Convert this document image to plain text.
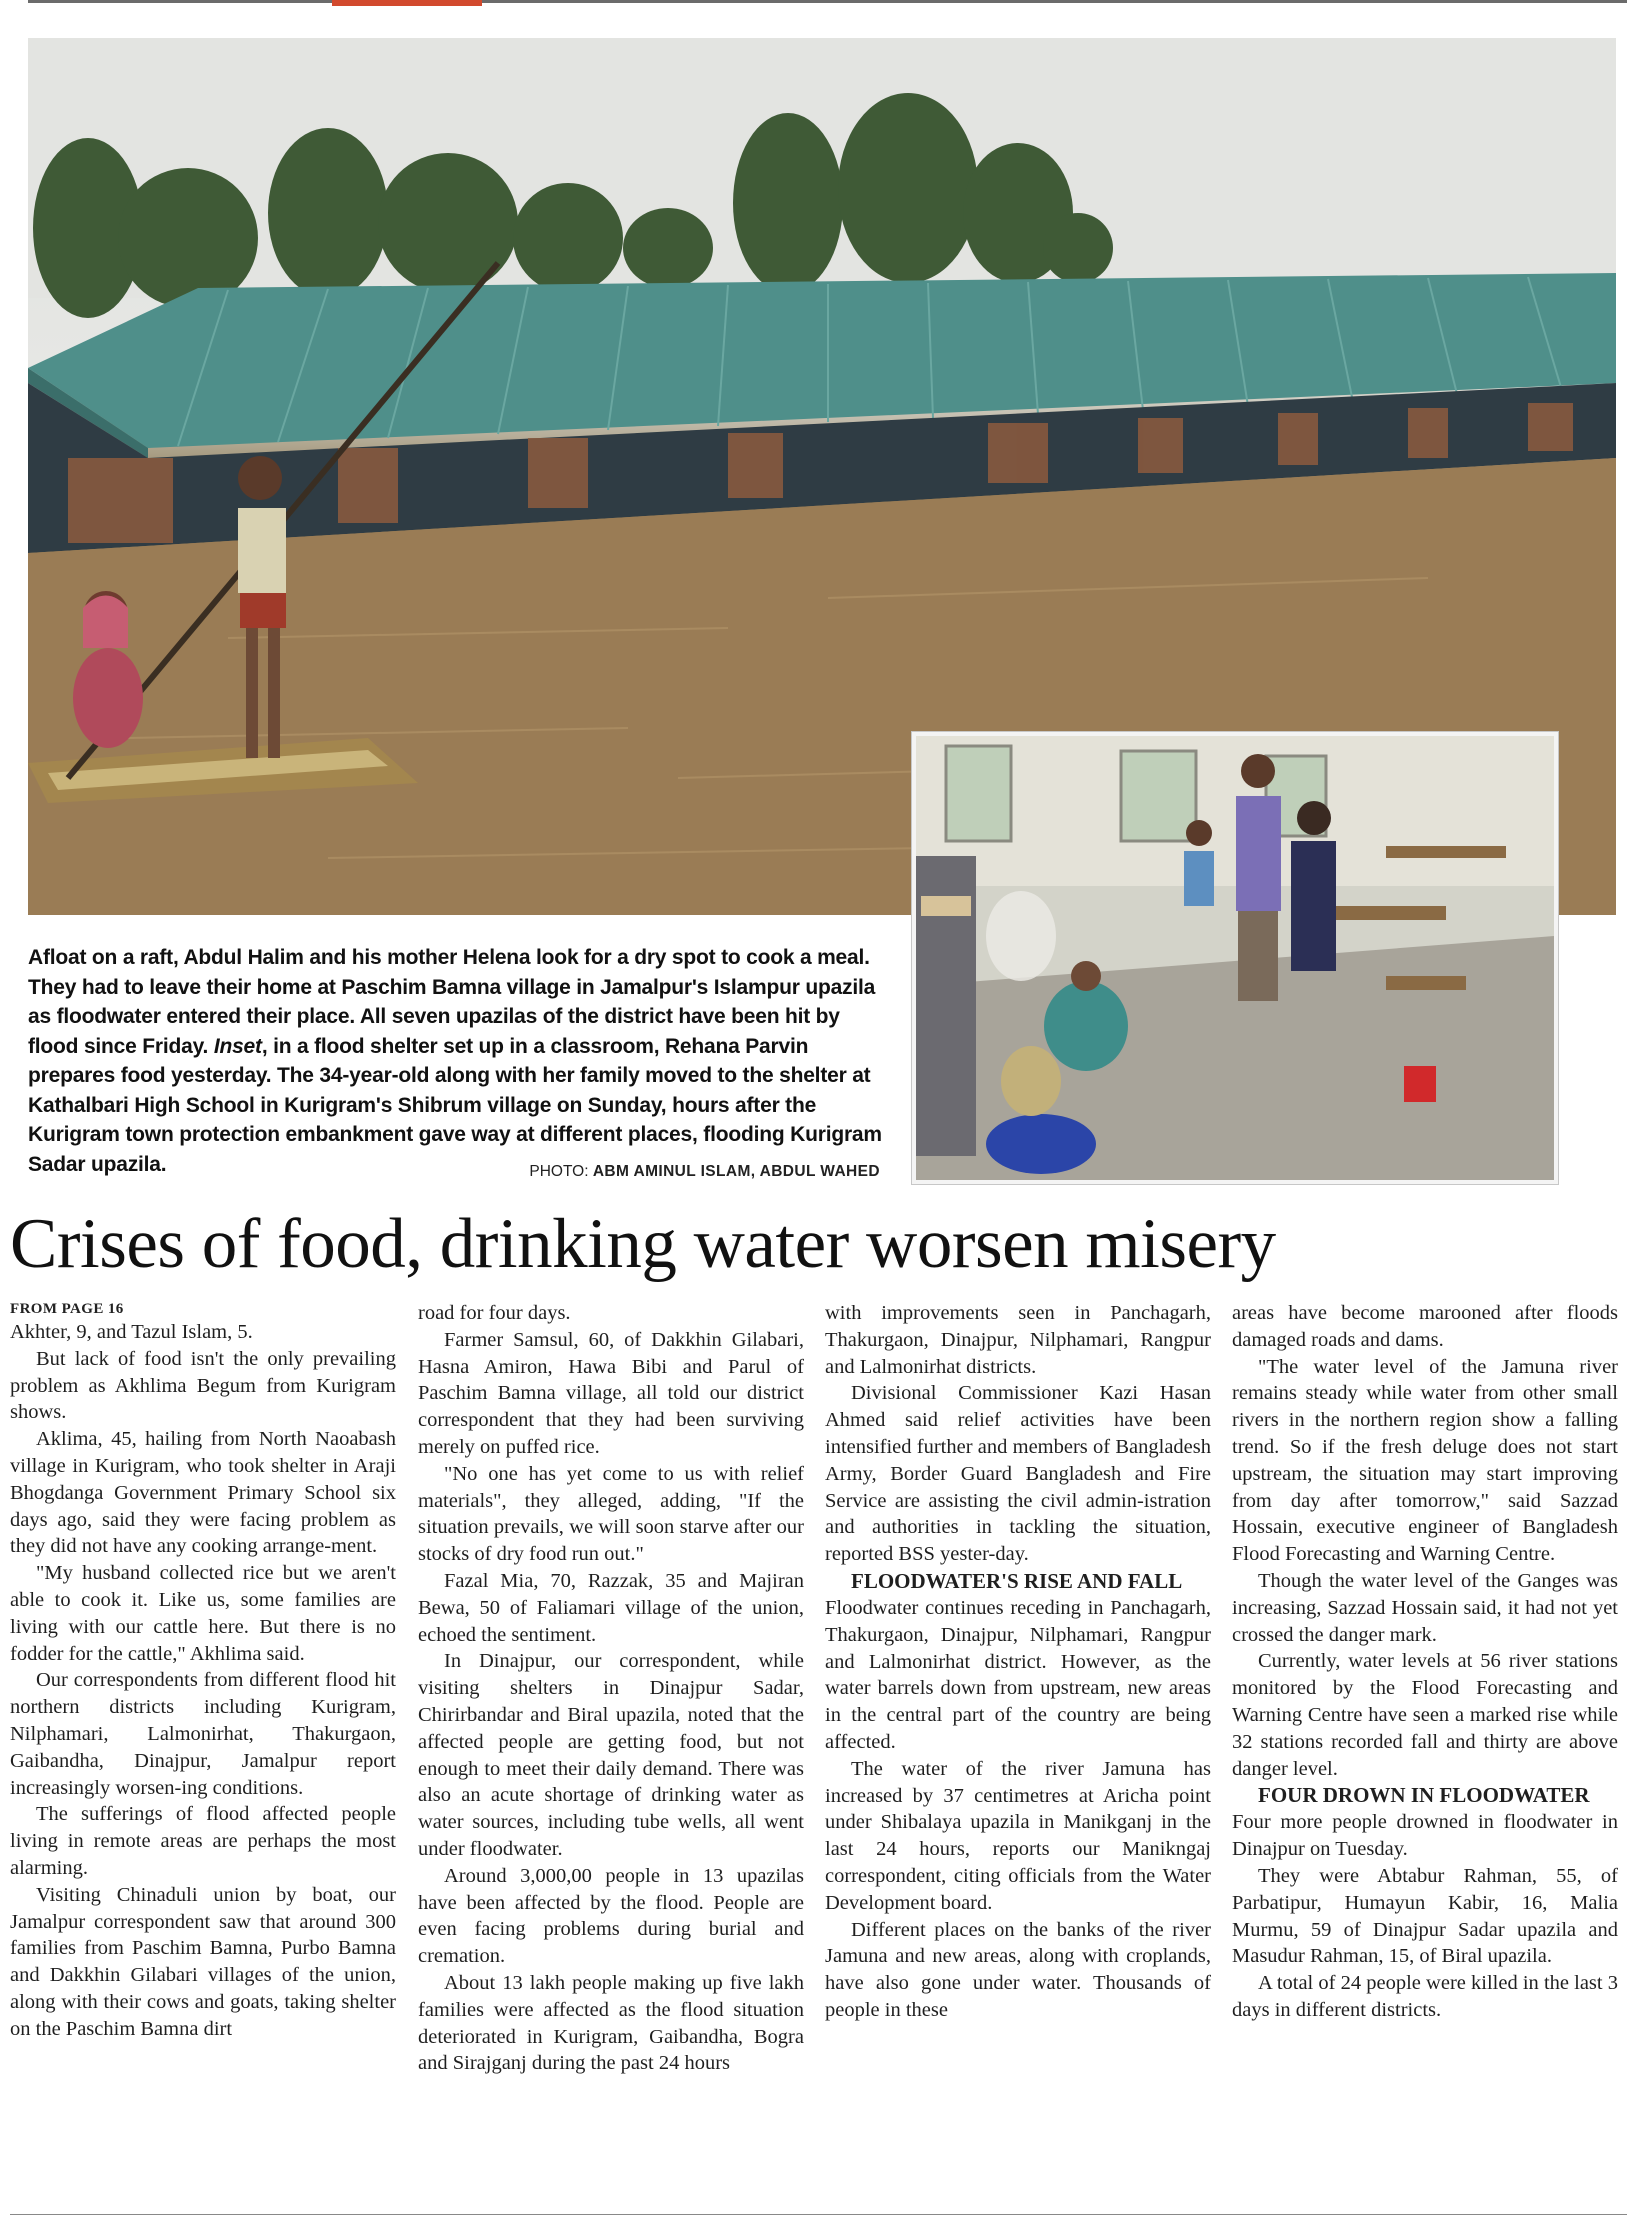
Afloat on a raft, Abdul Halim and his mother Helena look for a dry spot to cook a meal. They had to leave their home at Paschim Bamna village in Jamalpur's Islampur upazila as floodwater entered their place. All seven upazilas of the district have been hit by flood since Friday. Inset, in a flood shelter set up in a classroom, Rehana Parvin prepares food yesterday. The 34-year-old along with her family moved to the shelter at Kathalbari High School in Kurigram's Shibrum village on Sunday, hours after the Kurigram town protection embankment gave way at different places, flooding Kurigram Sadar upazila.	PHOTO: ABM AMINUL ISLAM, ABDUL WAHED
Crises of food, drinking water worsen misery
FROM PAGE 16

Akhter, 9, and Tazul Islam, 5.

But lack of food isn't the only prevailing problem as Akhlima Begum from Kurigram shows.

Aklima, 45, hailing from North Naoabash village in Kurigram, who took shelter in Araji Bhogdanga Government Primary School six days ago, said they were facing problem as they did not have any cooking arrange-ment.

"My husband collected rice but we aren't able to cook it. Like us, some families are living with our cattle here. But there is no fodder for the cattle," Akhlima said.

Our correspondents from different flood hit northern districts including Kurigram, Nilphamari, Lalmonirhat, Thakurgaon, Gaibandha, Dinajpur, Jamalpur report increasingly worsen-ing conditions.

The sufferings of flood affected people living in remote areas are perhaps the most alarming.

Visiting Chinaduli union by boat, our Jamalpur correspondent saw that around 300 families from Paschim Bamna, Purbo Bamna and Dakkhin Gilabari villages of the union, along with their cows and goats, taking shelter on the Paschim Bamna dirt

road for four days.

Farmer Samsul, 60, of Dakkhin Gilabari, Hasna Amiron, Hawa Bibi and Parul of Paschim Bamna village, all told our district correspondent that they had been surviving merely on puffed rice.

"No one has yet come to us with relief materials", they alleged, adding, "If the situation prevails, we will soon starve after our stocks of dry food run out."

Fazal Mia, 70, Razzak, 35 and Majiran Bewa, 50 of Faliamari village of the union, echoed the sentiment.

In Dinajpur, our correspondent, while visiting shelters in Dinajpur Sadar, Chirirbandar and Biral upazila, noted that the affected people are getting food, but not enough to meet their daily demand. There was also an acute shortage of drinking water as water sources, including tube wells, all went under floodwater.

Around 3,000,00 people in 13 upazilas have been affected by the flood. People are even facing problems during burial and cremation.

About 13 lakh people making up five lakh families were affected as the flood situation deteriorated in Kurigram, Gaibandha, Bogra and Sirajganj during the past 24 hours

with improvements seen in Panchagarh, Thakurgaon, Dinajpur, Nilphamari, Rangpur and Lalmonirhat districts.

Divisional Commissioner Kazi Hasan Ahmed said relief activities have been intensified further and members of Bangladesh Army, Border Guard Bangladesh and Fire Service are assisting the civil admin-istration and authorities in tackling the situation, reported BSS yester-day.

FLOODWATER'S RISE AND FALL

Floodwater continues receding in Panchagarh, Thakurgaon, Dinajpur, Nilphamari, Rangpur and Lalmonirhat district. However, as the water barrels down from upstream, new areas in the central part of the country are being affected.

The water of the river Jamuna has increased by 37 centimetres at Aricha point under Shibalaya upazila in Manikganj in the last 24 hours, reports our Manikngaj correspondent, citing officials from the Water Development board.

Different places on the banks of the river Jamuna and new areas, along with croplands, have also gone under water. Thousands of people in these

areas have become marooned after floods damaged roads and dams.

"The water level of the Jamuna river remains steady while water from other small rivers in the northern region show a falling trend. So if the fresh deluge does not start upstream, the situation may start improving from day after tomorrow," said Sazzad Hossain, executive engineer of Bangladesh Flood Forecasting and Warning Centre.

Though the water level of the Ganges was increasing, Sazzad Hossain said, it had not yet crossed the danger mark.

Currently, water levels at 56 river stations monitored by the Flood Forecasting and Warning Centre have seen a marked rise while 32 stations recorded fall and thirty are above danger level.

FOUR DROWN IN FLOODWATER

Four more people drowned in floodwater in Dinajpur on Tuesday.

They were Abtabur Rahman, 55, of Parbatipur, Humayun Kabir, 16, Malia Murmu, 59 of Dinajpur Sadar upazila and Masudur Rahman, 15, of Biral upazila.

A total of 24 people were killed in the last 3 days in different districts.
